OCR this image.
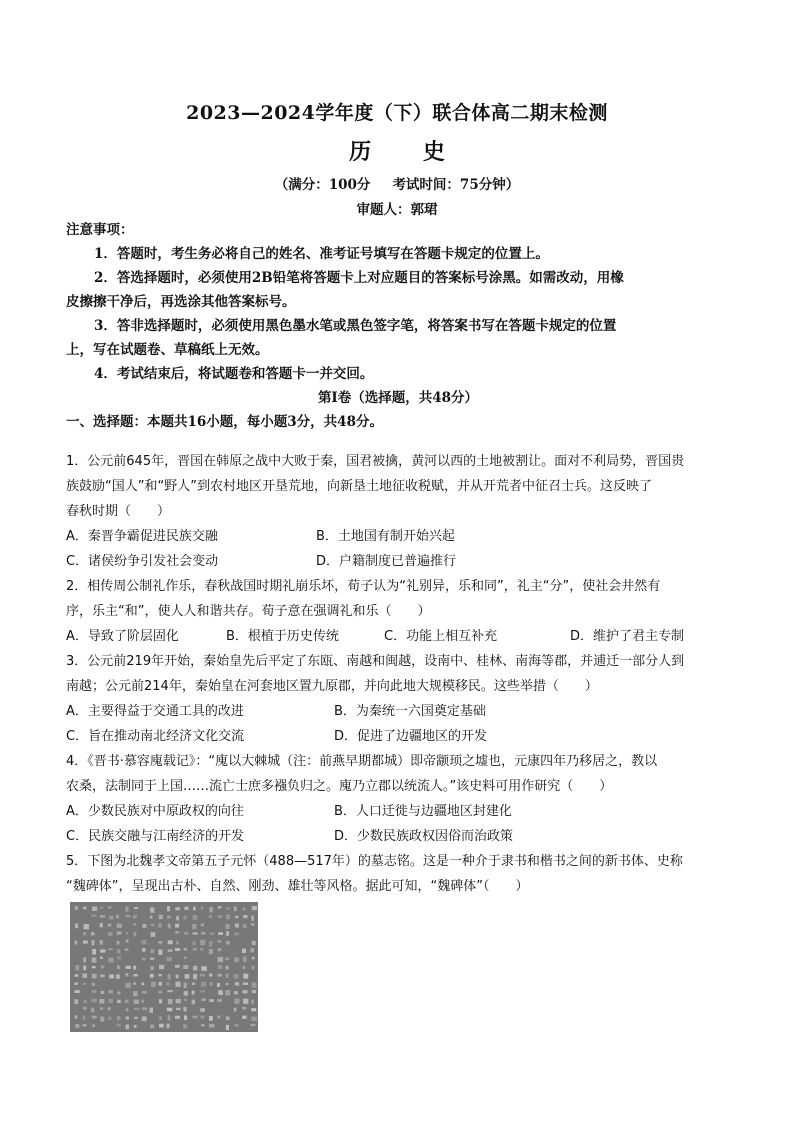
2023—2024学年度（下）联合体高二期末检测
历 史
（满分：100分 考试时间：75分钟）
审题人：郭珺

注意事项：

1．答题时，考生务必将自己的姓名、准考证号填写在答题卡规定的位置上。

2．答选择题时，必须使用2B铅笔将答题卡上对应题目的答案标号涂黑。如需改动，用橡

皮擦擦干净后，再选涂其他答案标号。

3．答非选择题时，必须使用黑色墨水笔或黑色签字笔，将答案书写在答题卡规定的位置

上，写在试题卷、草稿纸上无效。

4．考试结束后，将试题卷和答题卡一并交回。

第Ⅰ卷（选择题，共48分）

一、选择题：本题共16小题，每小题3分，共48分。

1．公元前645年，晋国在韩原之战中大败于秦，国君被擒，黄河以西的土地被割让。面对不利局势，晋国贵

族鼓励“国人”和“野人”到农村地区开垦荒地，向新垦土地征收税赋，并从开荒者中征召士兵。这反映了

春秋时期（　　）

A．秦晋争霸促进民族交融	B．土地国有制开始兴起
C．诸侯纷争引发社会变动	D．户籍制度已普遍推行

2．相传周公制礼作乐，春秋战国时期礼崩乐坏，荀子认为“礼别异，乐和同”，礼主“分”，使社会井然有

序，乐主“和”，使人人和谐共存。荀子意在强调礼和乐（　　）

A．导致了阶层固化	B．根植于历史传统	C．功能上相互补充	D．维护了君主专制

3．公元前219年开始，秦始皇先后平定了东瓯、南越和闽越，设南中、桂林、南海等郡，并逋迁一部分人到

南越；公元前214年，秦始皇在河套地区置九原郡，并向此地大规模移民。这些举措（　　）

A．主要得益于交通工具的改进	B．为秦统一六国奠定基础
C．旨在推动南北经济文化交流	D．促进了边疆地区的开发

4．《晋书·慕容廆载记》：“廆以大棘城（注：前燕早期都城）即帝颛顼之墟也，元康四年乃移居之，教以

农桑，法制同于上国……流亡士庶多襁负归之。廆乃立郡以统流人。”该史料可用作研究（　　）

A．少数民族对中原政权的向往	B．人口迁徙与边疆地区封建化
C．民族交融与江南经济的开发	D．少数民族政权因俗而治政策

5．下图为北魏孝文帝第五子元怀（488—517年）的墓志铭。这是一种介于隶书和楷书之间的新书体、史称

“魏碑体”，呈现出古朴、自然、刚劲、雄壮等风格。据此可知，“魏碑体”（　　）
